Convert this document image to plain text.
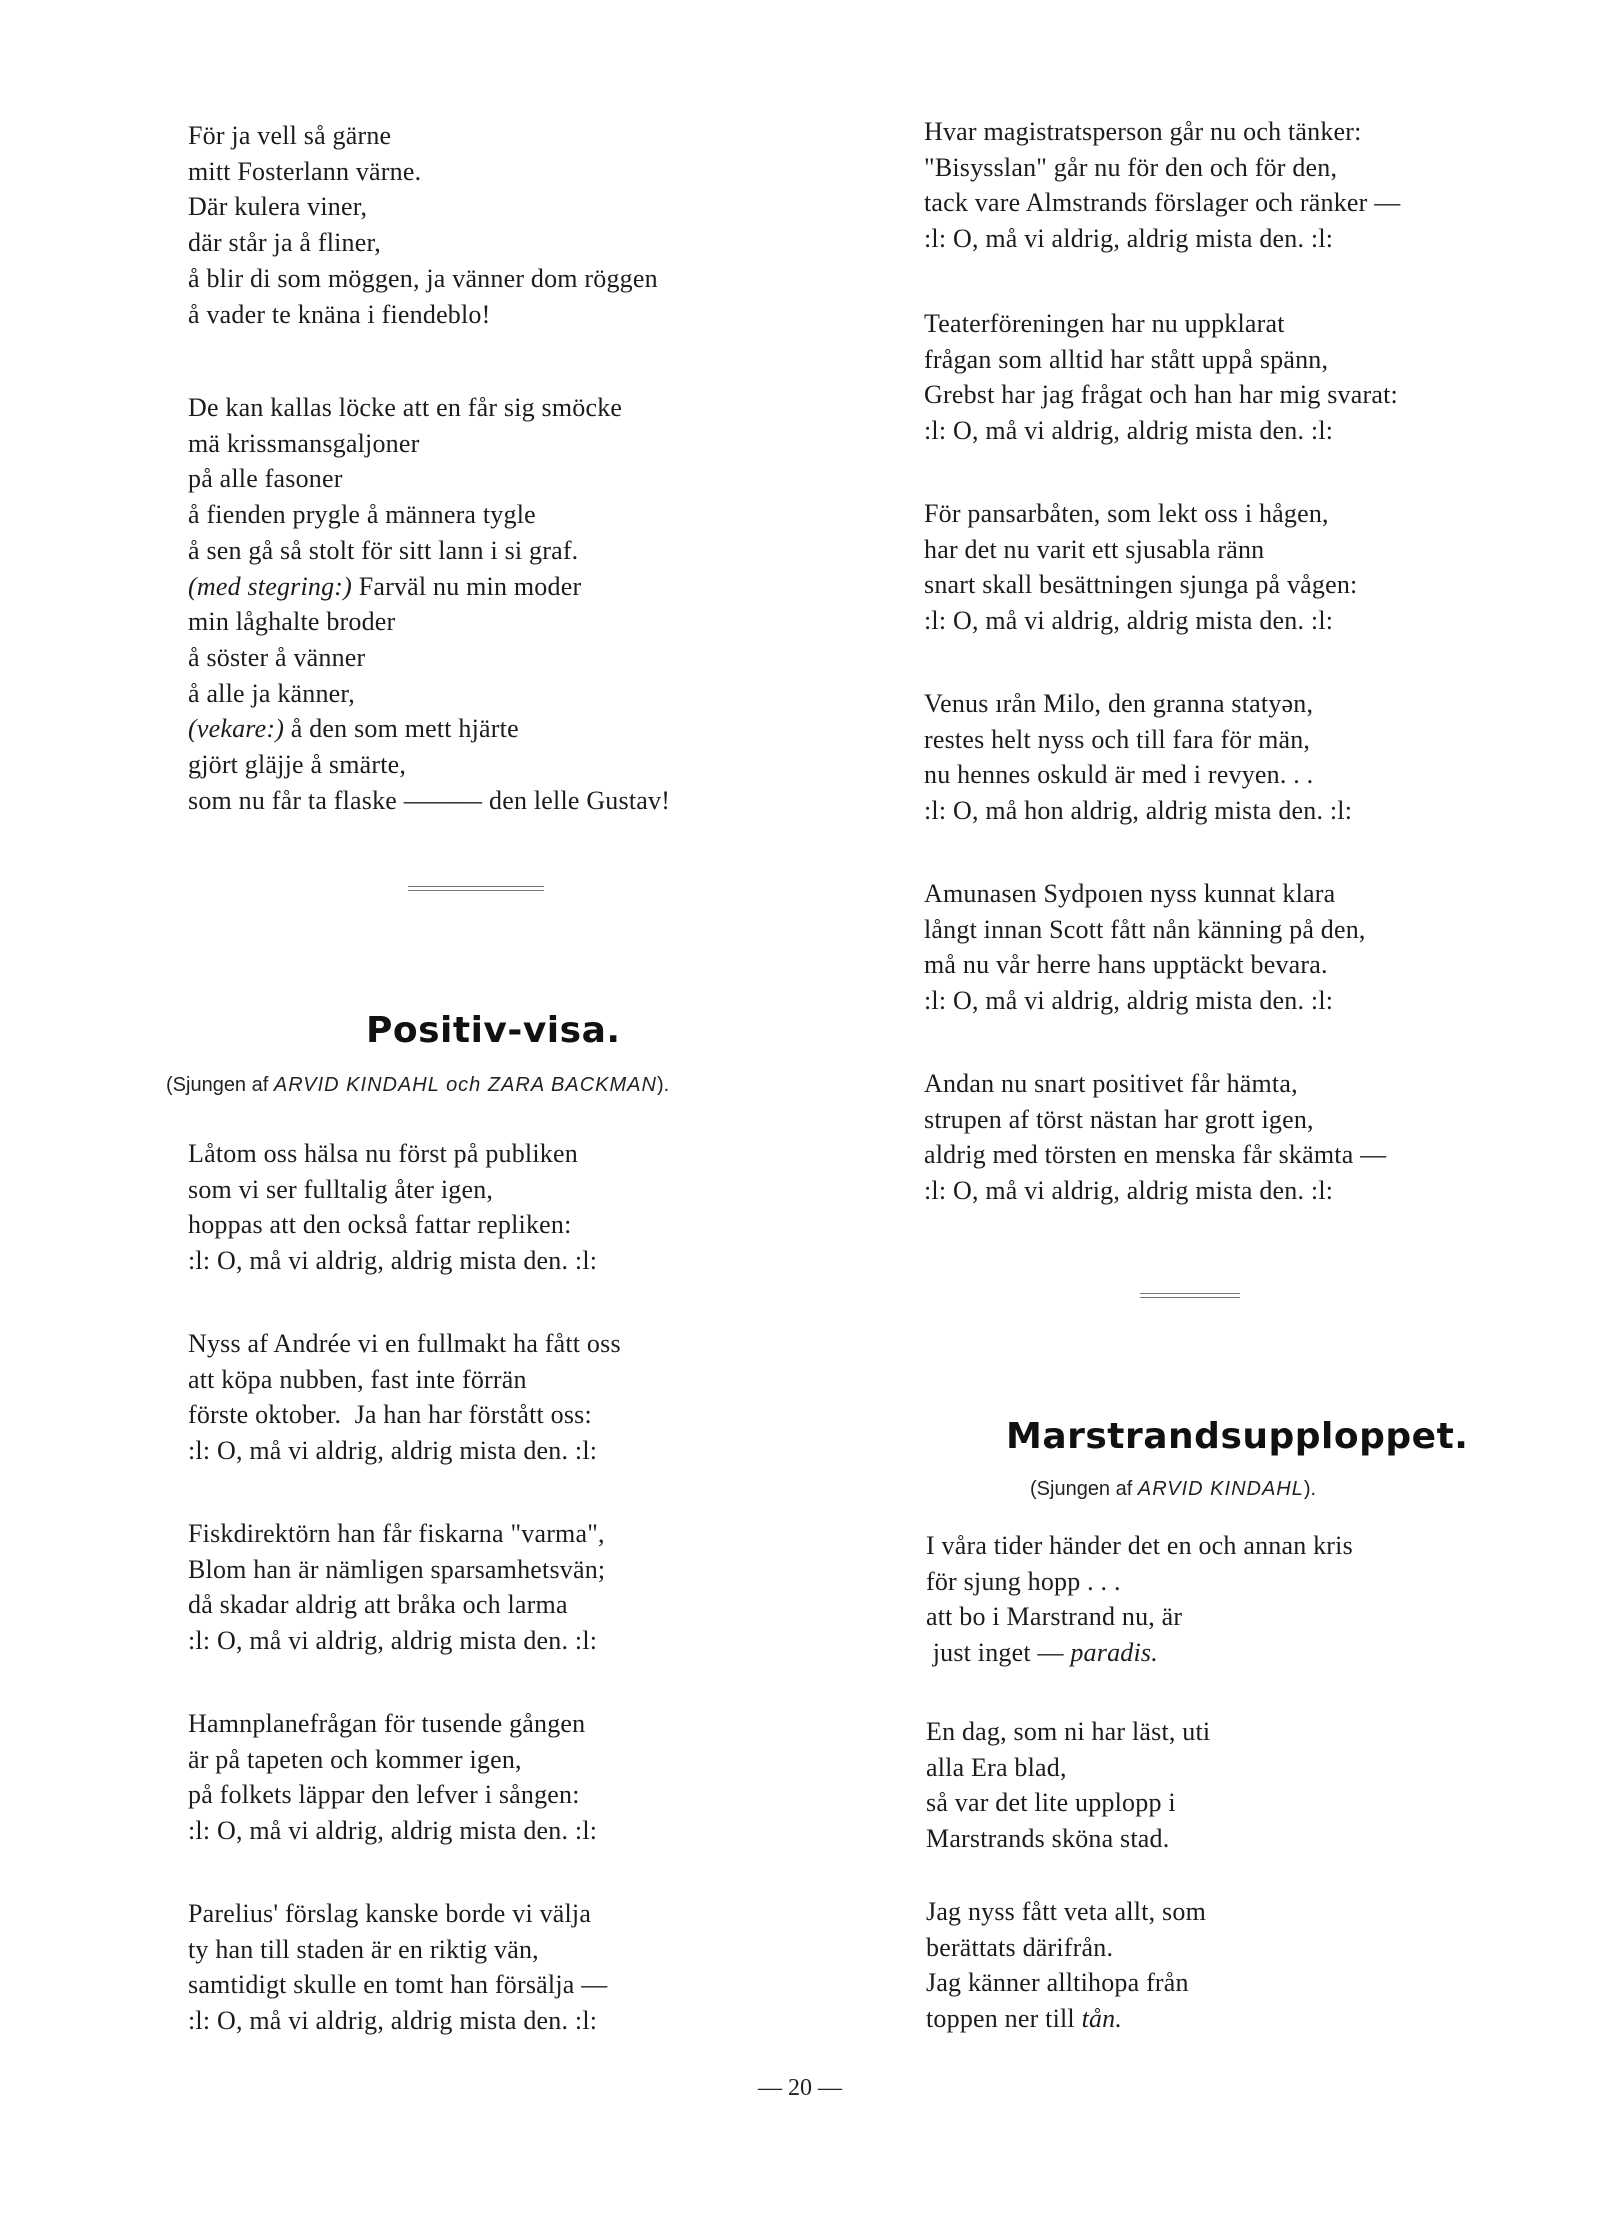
För ja vell så gärne
mitt Fosterlann värne.
Där kulera viner,
där står ja å fliner,
å blir di som möggen, ja vänner dom röggen
å vader te knäna i fiendeblo!
De kan kallas löcke att en får sig smöcke
mä krissmansgaljoner
på alle fasoner
å fienden prygle å männera tygle
å sen gå så stolt för sitt lann i si graf.
(med stegring:) Farväl nu min moder
min låghalte broder
å söster å vänner
å alle ja känner,
(vekare:) å den som mett hjärte
gjört gläjje å smärte,
som nu får ta flaske ——— den lelle Gustav!
Positiv-visa.
(Sjungen af ARVID KINDAHL och ZARA BACKMAN).
Låtom oss hälsa nu först på publiken
som vi ser fulltalig åter igen,
hoppas att den också fattar repliken:
:l: O, må vi aldrig, aldrig mista den. :l:
Nyss af Andrée vi en fullmakt ha fått oss
att köpa nubben, fast inte förrän
förste oktober.  Ja han har förstått oss:
:l: O, må vi aldrig, aldrig mista den. :l:
Fiskdirektörn han får fiskarna "varma",
Blom han är nämligen sparsamhetsvän;
då skadar aldrig att bråka och larma
:l: O, må vi aldrig, aldrig mista den. :l:
Hamnplanefrågan för tusende gången
är på tapeten och kommer igen,
på folkets läppar den lefver i sången:
:l: O, må vi aldrig, aldrig mista den. :l:
Parelius' förslag kanske borde vi välja
ty han till staden är en riktig vän,
samtidigt skulle en tomt han försälja —
:l: O, må vi aldrig, aldrig mista den. :l:
Hvar magistratsperson går nu och tänker:
"Bisysslan" går nu för den och för den,
tack vare Almstrands förslager och ränker —
:l: O, må vi aldrig, aldrig mista den. :l:
Teaterföreningen har nu uppklarat
frågan som alltid har stått uppå spänn,
Grebst har jag frågat och han har mig svarat:
:l: O, må vi aldrig, aldrig mista den. :l:
För pansarbåten, som lekt oss i hågen,
har det nu varit ett sjusabla ränn
snart skall besättningen sjunga på vågen:
:l: O, må vi aldrig, aldrig mista den. :l:
Venus ırån Milo, den granna statyǝn,
restes helt nyss och till fara för män,
nu hennes oskuld är med i revyen. . .
:l: O, må hon aldrig, aldrig mista den. :l:
Amunasen Sydpoıen nyss kunnat klara
långt innan Scott fått nån känning på den,
må nu vår herre hans upptäckt bevara.
:l: O, må vi aldrig, aldrig mista den. :l:
Andan nu snart positivet får hämta,
strupen af törst nästan har grott igen,
aldrig med törsten en menska får skämta —
:l: O, må vi aldrig, aldrig mista den. :l:
Marstrandsupploppet.
(Sjungen af ARVID KINDAHL).
I våra tider händer det en och annan kris
för sjung hopp . . .
att bo i Marstrand nu, är
just inget — paradis.
En dag, som ni har läst, uti
alla Era blad,
så var det lite upplopp i
Marstrands sköna stad.
Jag nyss fått veta allt, som
berättats därifrån.
Jag känner alltihopa från
toppen ner till tån.
— 20 —
